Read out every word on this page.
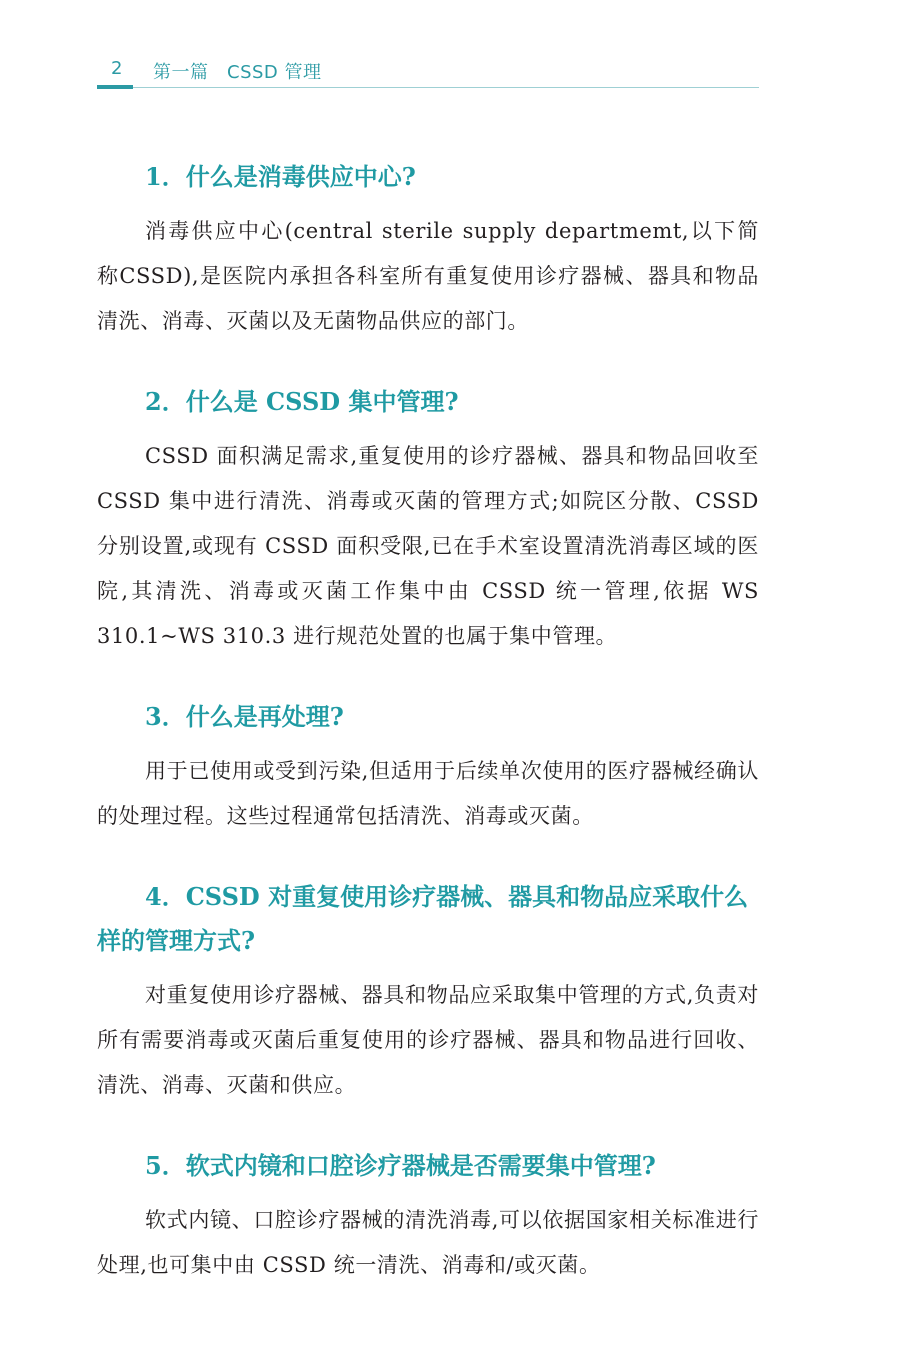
2 第一篇　CSSD 管理
1．什么是消毒供应中心?

消毒供应中心(central sterile supply departmemt,以下简称CSSD),是医院内承担各科室所有重复使用诊疗器械、器具和物品清洗、消毒、灭菌以及无菌物品供应的部门。

2．什么是 CSSD 集中管理?

CSSD 面积满足需求,重复使用的诊疗器械、器具和物品回收至 CSSD 集中进行清洗、消毒或灭菌的管理方式;如院区分散、CSSD 分别设置,或现有 CSSD 面积受限,已在手术室设置清洗消毒区域的医院,其清洗、消毒或灭菌工作集中由 CSSD 统一管理,依据 WS 310.1~WS 310.3 进行规范处置的也属于集中管理。

3．什么是再处理?

用于已使用或受到污染,但适用于后续单次使用的医疗器械经确认的处理过程。这些过程通常包括清洗、消毒或灭菌。

4．CSSD 对重复使用诊疗器械、器具和物品应采取什么样的管理方式?

对重复使用诊疗器械、器具和物品应采取集中管理的方式,负责对所有需要消毒或灭菌后重复使用的诊疗器械、器具和物品进行回收、清洗、消毒、灭菌和供应。

5．软式内镜和口腔诊疗器械是否需要集中管理?

软式内镜、口腔诊疗器械的清洗消毒,可以依据国家相关标准进行处理,也可集中由 CSSD 统一清洗、消毒和/或灭菌。
